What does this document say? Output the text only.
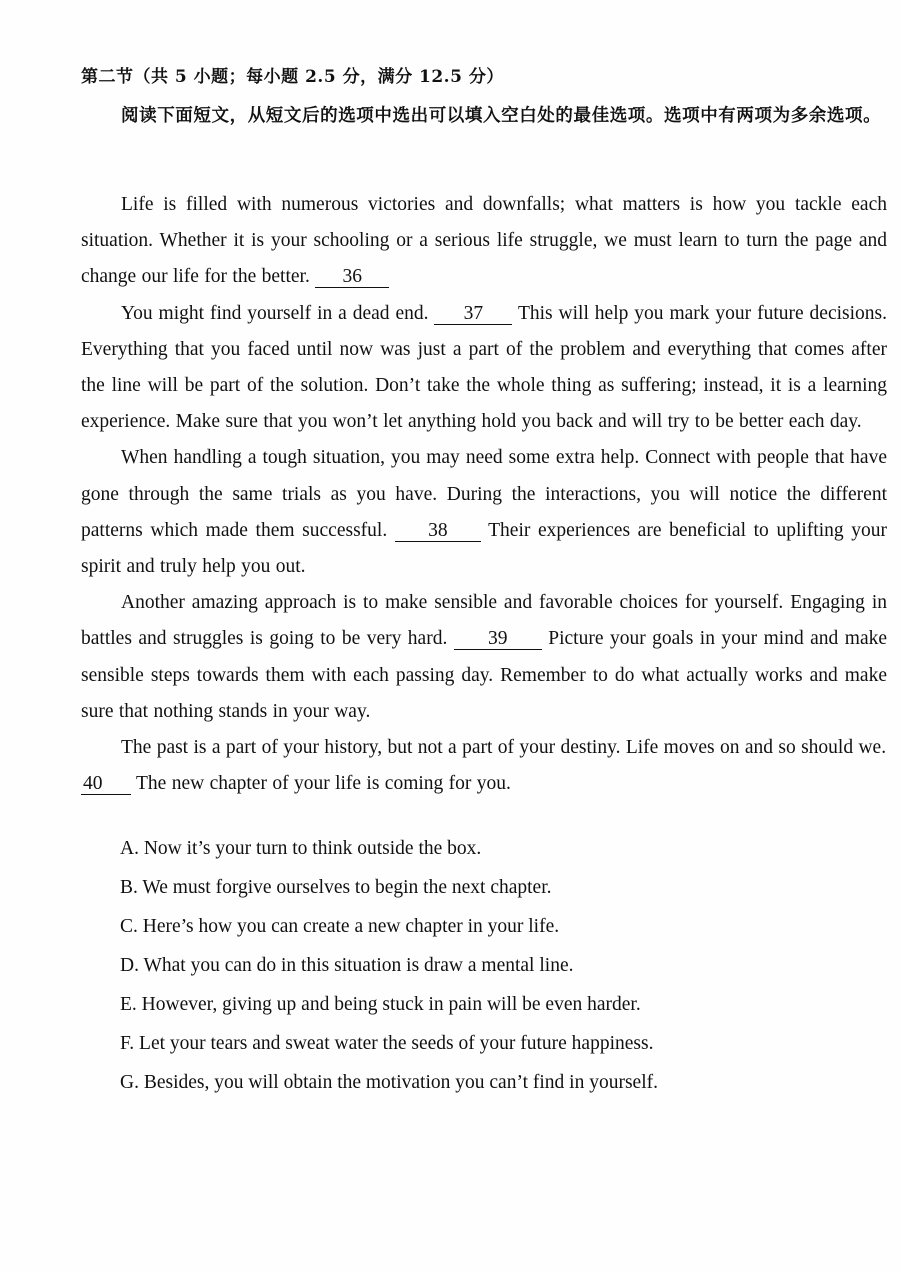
第二节（共 5 小题；每小题 2.5 分，满分 12.5 分）
阅读下面短文，从短文后的选项中选出可以填入空白处的最佳选项。选项中有两项为多余选项。

Life is filled with numerous victories and downfalls; what matters is how you tackle each situation. Whether it is your schooling or a serious life struggle, we must learn to turn the page and change our life for the better. 36

You might find yourself in a dead end. 37 This will help you mark your future decisions. Everything that you faced until now was just a part of the problem and everything that comes after the line will be part of the solution. Don’t take the whole thing as suffering; instead, it is a learning experience. Make sure that you won’t let anything hold you back and will try to be better each day.

When handling a tough situation, you may need some extra help. Connect with people that have gone through the same trials as you have. During the interactions, you will notice the different patterns which made them successful. 38 Their experiences are beneficial to uplifting your spirit and truly help you out.

Another amazing approach is to make sensible and favorable choices for yourself. Engaging in battles and struggles is going to be very hard. 39 Picture your goals in your mind and make sensible steps towards them with each passing day. Remember to do what actually works and make sure that nothing stands in your way.

The past is a part of your history, but not a part of your destiny. Life moves on and so should we.
40 The new chapter of your life is coming for you.

A. Now it’s your turn to think outside the box.
B. We must forgive ourselves to begin the next chapter.
C. Here’s how you can create a new chapter in your life.
D. What you can do in this situation is draw a mental line.
E. However, giving up and being stuck in pain will be even harder.
F. Let your tears and sweat water the seeds of your future happiness.
G. Besides, you will obtain the motivation you can’t find in yourself.
